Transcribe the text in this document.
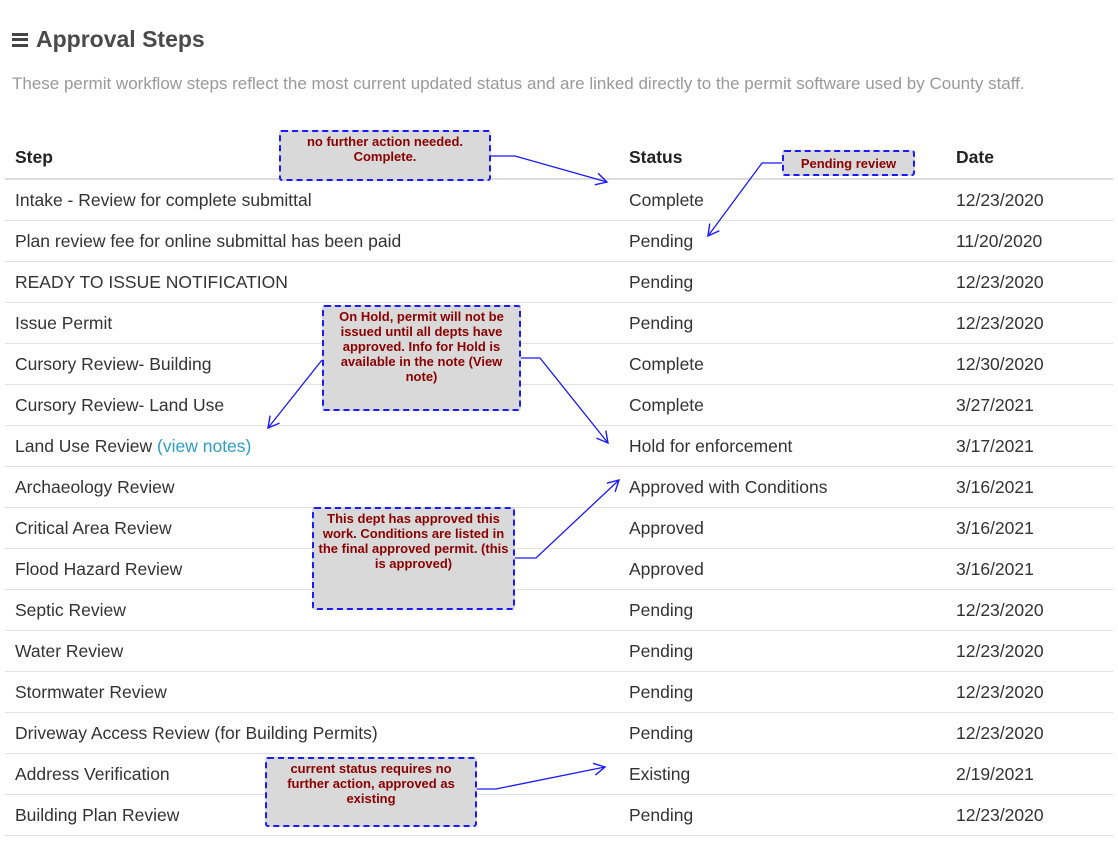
Approval Steps

These permit workflow steps reflect the most current updated status and are linked directly to the permit software used by County staff.

Step	Status	Date
Intake - Review for complete submittal	Complete	12/23/2020
Plan review fee for online submittal has been paid	Pending	11/20/2020
READY TO ISSUE NOTIFICATION	Pending	12/23/2020
Issue Permit	Pending	12/23/2020
Cursory Review- Building	Complete	12/30/2020
Cursory Review- Land Use	Complete	3/27/2021
Land Use Review (view notes)	Hold for enforcement	3/17/2021
Archaeology Review	Approved with Conditions	3/16/2021
Critical Area Review	Approved	3/16/2021
Flood Hazard Review	Approved	3/16/2021
Septic Review	Pending	12/23/2020
Water Review	Pending	12/23/2020
Stormwater Review	Pending	12/23/2020
Driveway Access Review (for Building Permits)	Pending	12/23/2020
Address Verification	Existing	2/19/2021
Building Plan Review	Pending	12/23/2020
no further action needed. Complete.	Pending review
On Hold, permit will not be issued until all depts have approved. Info for Hold is available in the note (View note)
This dept has approved this work. Conditions are listed in the final approved permit. (this is approved)
current status requires no further action, approved as existing
